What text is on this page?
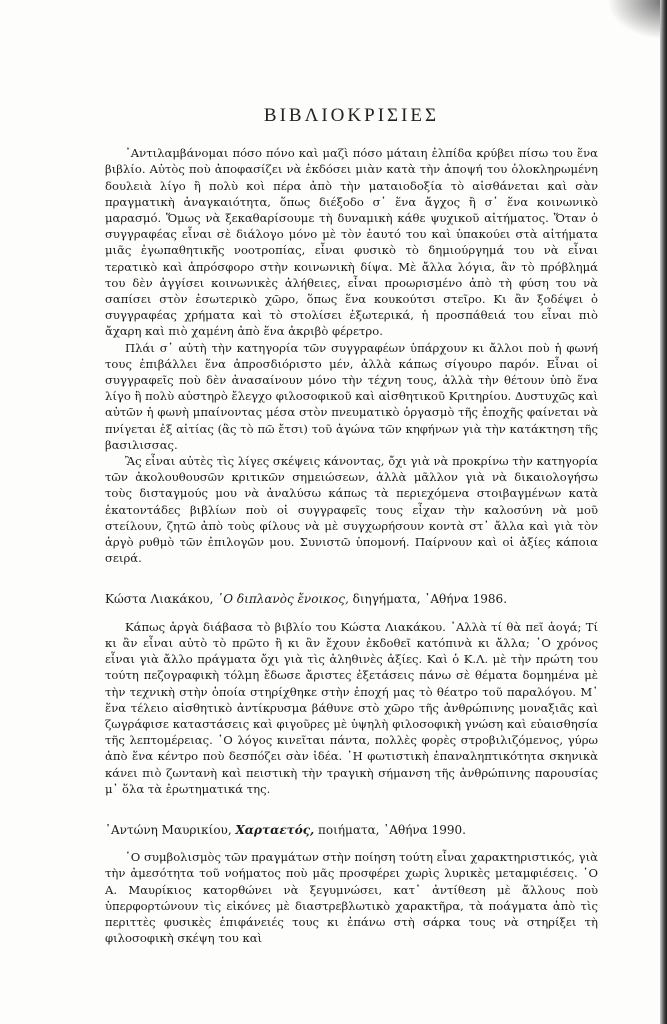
ΒΙΒΛΙΟΚΡΙΣΙΕΣ

᾿Αντιλαμβάνομαι πόσο πόνο καὶ μαζὶ πόσο μάταιη ἐλπίδα κρύβει πίσω του ἕνα βιβλίο. Αὐτὸς ποὺ ἀποφασίζει νὰ ἐκδόσει μιὰν κατὰ τὴν ἀποψή του ὁλοκληρωμένη δουλειὰ λίγο ἢ πολὺ κοὶ πέρα ἀπὸ τὴν ματαιοδοξία τὸ αἰσθάνεται καὶ σὰν πραγματικὴ ἀναγκαιότητα, ὅπως διέξοδο σ᾿ ἕνα ἄγχος ἢ σ᾿ ἕνα κοινωνικὸ μαρασμό. Ὅμως νὰ ξεκαθαρίσουμε τὴ δυναμικὴ κάθε ψυχικοῦ αἰτήματος. Ὅταν ὁ συγγραφέας εἶναι σὲ διάλογο μόνο μὲ τὸν ἑαυτό του καὶ ὑπακούει στὰ αἰτήματα μιᾶς ἐγωπαθητικῆς νοοτροπίας, εἶναι φυσικὸ τὸ δημιούργημά του νὰ εἶναι τερατικὸ καὶ ἀπρόσφορο στὴν κοινωνικὴ δίψα. Μὲ ἄλλα λόγια, ἂν τὸ πρόβλημά του δὲν ἀγγίσει κοινωνικὲς ἀλήθειες, εἶναι προωρισμένο ἀπὸ τὴ φύση του νὰ σαπίσει στὸν ἐσωτερικὸ χῶρο, ὅπως ἕνα κουκούτσι στεῖρο. Κι ἂν ξοδέψει ὁ συγγραφέας χρήματα καὶ τὸ στολίσει ἐξωτερικά, ἡ προσπάθειά του εἶναι πιὸ ἄχαρη καὶ πιὸ χαμένη ἀπὸ ἕνα ἀκριβὸ φέρετρο.

Πλάι σ᾿ αὐτὴ τὴν κατηγορία τῶν συγγραφέων ὑπάρχουν κι ἄλλοι ποὺ ἡ φωνή τους ἐπιβάλλει ἕνα ἀπροσδιόριστο μέν, ἀλλὰ κάπως σίγουρο παρόν. Εἶναι οἱ συγγραφεῖς ποὺ δὲν ἀνασαίνουν μόνο τὴν τέχνη τους, ἀλλὰ τὴν θέτουν ὑπὸ ἕνα λίγο ἢ πολὺ αὐστηρὸ ἔλεγχο φιλοσοφικοῦ καὶ αἰσθητικοῦ Κριτηρίου. Δυστυχῶς καὶ αὐτῶν ἡ φωνὴ μπαίνοντας μέσα στὸν πνευματικὸ ὀργασμὸ τῆς ἐποχῆς φαίνεται νὰ πνίγεται ἐξ αἰτίας (ἂς τὸ πῶ ἔτσι) τοῦ ἀγώνα τῶν κηφήνων γιὰ τὴν κατάκτηση τῆς βασιλισσας.

Ἂς εἶναι αὐτὲς τὶς λίγες σκέψεις κάνοντας, ὄχι γιὰ νὰ προκρίνω τὴν κατηγορία τῶν ἀκολουθουσῶν κριτικῶν σημειώσεων, ἀλλὰ μᾶλλον γιὰ νὰ δικαιολογήσω τοὺς δισταγμούς μου νὰ ἀναλύσω κάπως τὰ περιεχόμενα στοιβαγμένων κατὰ ἑκατοντάδες βιβλίων ποὺ οἱ συγγραφεῖς τους εἶχαν τὴν καλοσύνη νὰ μοῦ στείλουν, ζητῶ ἀπὸ τοὺς φίλους νὰ μὲ συγχωρήσουν κοντὰ στ᾿ ἄλλα καὶ γιὰ τὸν ἀργὸ ρυθμὸ τῶν ἐπιλογῶν μου. Συνιστῶ ὑπομονή. Παίρνουν καὶ οἱ ἀξίες κάποια σειρά.

Κώστα Λιακάκου, ῾Ο διπλανὸς ἔνοικος, διηγήματα, ᾿Αθήνα 1986.

Κάπως ἀργὰ διάβασα τὸ βιβλίο του Κώστα Λιακάκου. ᾿Αλλὰ τί θὰ πεῖ ἀογά; Τί κι ἂν εἶναι αὐτὸ τὸ πρῶτο ἢ κι ἂν ἔχουν ἐκδοθεῖ κατόπινὰ κι ἄλλα; ῾Ο χρόνος εἶναι γιὰ ἄλλο πράγματα ὄχι γιὰ τὶς ἀληθινὲς ἀξίες. Καὶ ὁ Κ.Λ. μὲ τὴν πρώτη του τούτη πεζογραφικὴ τόλμη ἔδωσε ἄριστες ἐξετάσεις πάνω σὲ θέματα δομημένα μὲ τὴν τεχνικὴ στὴν ὁποία στηρίχθηκε στὴν ἐποχή μας τὸ θέατρο τοῦ παραλόγου. Μ᾿ ἕνα τέλειο αἰσθητικὸ ἀντίκρυσμα βάθυνε στὸ χῶρο τῆς ἀνθρώπινης μοναξιᾶς καὶ ζωγράφισε καταστάσεις καὶ φιγοῦρες μὲ ὑψηλὴ φιλοσοφικὴ γνώση καὶ εὐαισθησία τῆς λεπτομέρειας. ῾Ο λόγος κινεῖται πάντα, πολλὲς φορὲς στροβιλιζόμενος, γύρω ἀπὸ ἕνα κέντρο ποὺ δεσπόζει σὰν ἰδέα. ῾Η φωτιστικὴ ἐπαναληπτικότητα σκηνικὰ κάνει πιὸ ζωντανὴ καὶ πειστικὴ τὴν τραγικὴ σήμανση τῆς ἀνθρώπινης παρουσίας μ᾿ ὅλα τὰ ἐρωτηματικά της.

᾿Αντώνη Μαυρικίου, Χαρταετός, ποιήματα, ᾿Αθήνα 1990.

῾Ο συμβολισμὸς τῶν πραγμάτων στὴν ποίηση τούτη εἶναι χαρακτηριστικός, γιὰ τὴν ἀμεσότητα τοῦ νοήματος ποὺ μᾶς προσφέρει χωρὶς λυρικὲς μεταμφιέσεις. ῾Ο Α. Μαυρίκιος κατορθώνει νὰ ξεγυμνώσει, κατ᾿ ἀντίθεση μὲ ἄλλους ποὺ ὑπερφορτώνουν τὶς εἰκόνες μὲ διαστρεβλωτικὸ χαρακτῆρα, τὰ ποάγματα ἀπὸ τὶς περιττὲς φυσικὲς ἐπιφάνειές τους κι ἐπάνω στὴ σάρκα τους νὰ στηρίξει τὴ φιλοσοφικὴ σκέψη του καὶ
